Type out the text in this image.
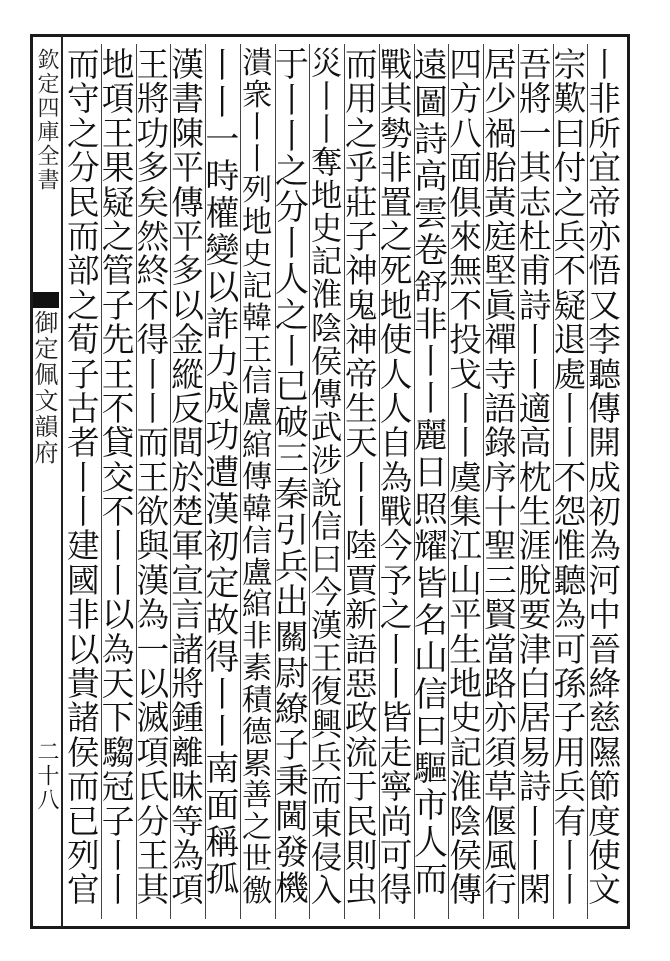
欽定四庫全書
御定佩文韻府
二十八
丨
非
所
宜
帝
亦
悟
又
李
聽
傳
開
成
初
為
河
中
晉
絳
慈
隰
節
度
使
文
宗
歎
曰
付
之
兵
不
疑
退
處
丨
丨
不
怨
惟
聽
為
可
孫
子
用
兵
有
丨
丨
吾
將
一
其
志
杜
甫
詩
丨
丨
適
高
枕
生
涯
脫
要
津
白
居
易
詩
丨
丨
閑
居
少
禍
胎
黃
庭
堅
眞
禪
寺
語
錄
序
十
聖
三
賢
當
路
亦
須
草
偃
風
行
四
方
八
面
俱
來
無
不
投
戈
丨
丨
虞
集
江
山
平
生
地
史
記
淮
陰
侯
傳
遠
圖
詩
高
雲
卷
舒
非
丨
丨
麗
日
照
耀
皆
名
山
信
曰
驅
市
人
而
戰
其
勢
非
置
之
死
地
使
人
人
自
為
戰
今
予
之
丨
丨
皆
走
寧
尚
可
得
而
用
之
乎
莊
子
神
鬼
神
帝
生
天
丨
丨
陸
賈
新
語
惡
政
流
于
民
則
虫
災
丨
丨
奪
地
史
記
淮
陰
侯
傳
武
涉
說
信
曰
今
漢
王
復
興
兵
而
東
侵
入
于
丨
丨
之
分
丨
人
之
丨
已
破
三
秦
引
兵
出
關
尉
繚
子
秉
閫
發
機
潰
衆
丨
丨
列
地
史
記
韓
王
信
盧
綰
傳
韓
信
盧
綰
非
素
積
德
累
善
之
世
徼
丨
丨
一
時
權
變
以
詐
力
成
功
遭
漢
初
定
故
得
丨
丨
南
面
稱
孤
漢
書
陳
平
傳
平
多
以
金
縱
反
間
於
楚
軍
宣
言
諸
將
鍾
離
昧
等
為
項
王
將
功
多
矣
然
終
不
得
丨
丨
而
王
欲
與
漢
為
一
以
滅
項
氏
分
王
其
地
項
王
果
疑
之
管
子
先
王
不
貸
交
不
丨
丨
以
為
天
下
騶
冠
子
丨
丨
而
守
之
分
民
而
部
之
荀
子
古
者
丨
丨
建
國
非
以
貴
諸
侯
而
已
列
官
